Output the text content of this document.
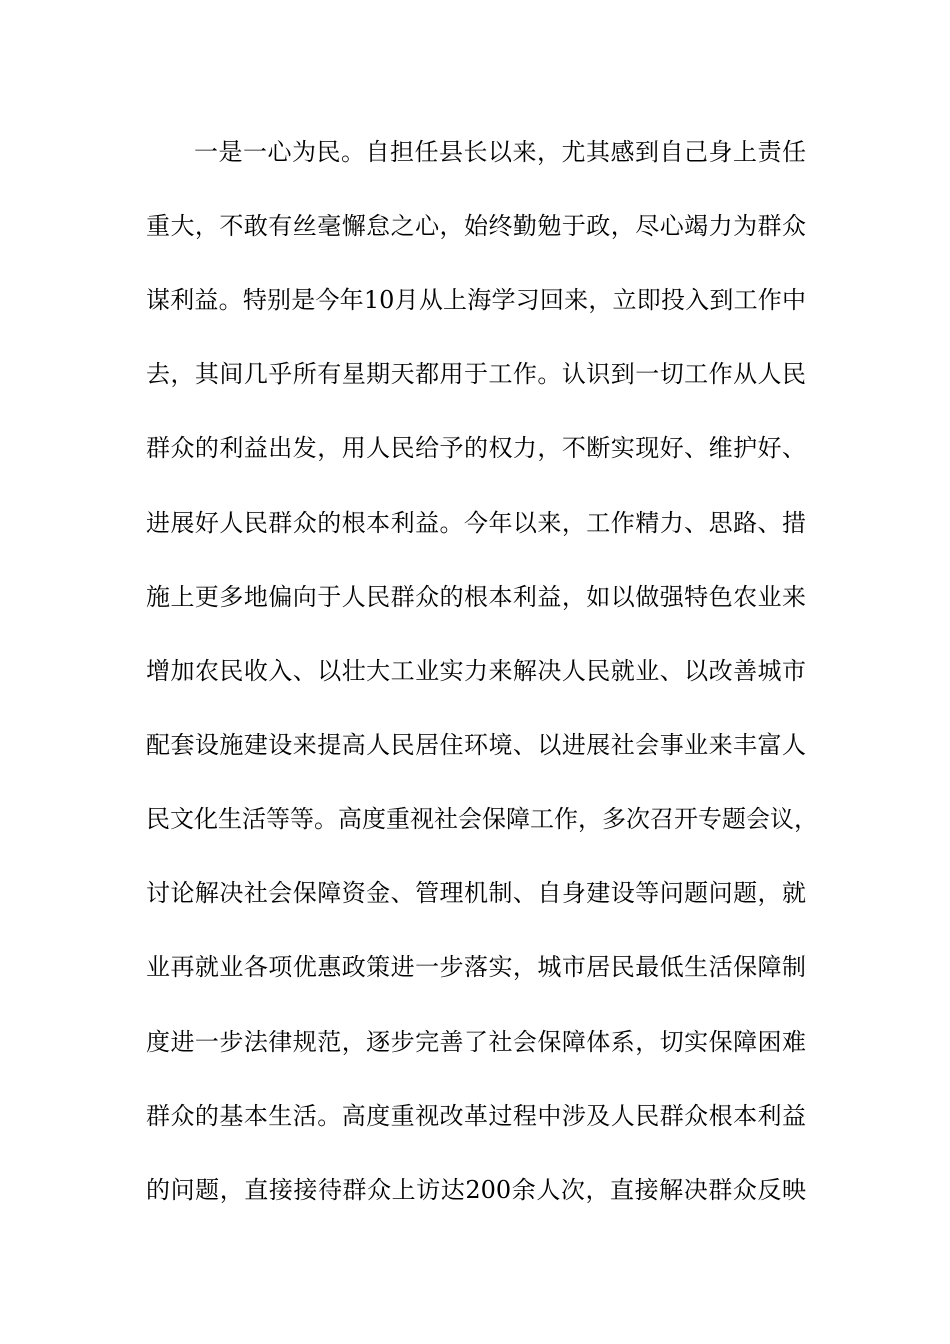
一是一心为民。自担任县长以来，尤其感到自己身上责任
重大，不敢有丝毫懈怠之心，始终勤勉于政，尽心竭力为群众
谋利益。特别是今年10月从上海学习回来，立即投入到工作中
去，其间几乎所有星期天都用于工作。认识到一切工作从人民
群众的利益出发，用人民给予的权力，不断实现好、维护好、
进展好人民群众的根本利益。今年以来，工作精力、思路、措
施上更多地偏向于人民群众的根本利益，如以做强特色农业来
增加农民收入、以壮大工业实力来解决人民就业、以改善城市
配套设施建设来提高人民居住环境、以进展社会事业来丰富人
民文化生活等等。高度重视社会保障工作，多次召开专题会议，
讨论解决社会保障资金、管理机制、自身建设等问题问题，就
业再就业各项优惠政策进一步落实，城市居民最低生活保障制
度进一步法律规范，逐步完善了社会保障体系，切实保障困难
群众的基本生活。高度重视改革过程中涉及人民群众根本利益
的问题，直接接待群众上访达200余人次，直接解决群众反映
